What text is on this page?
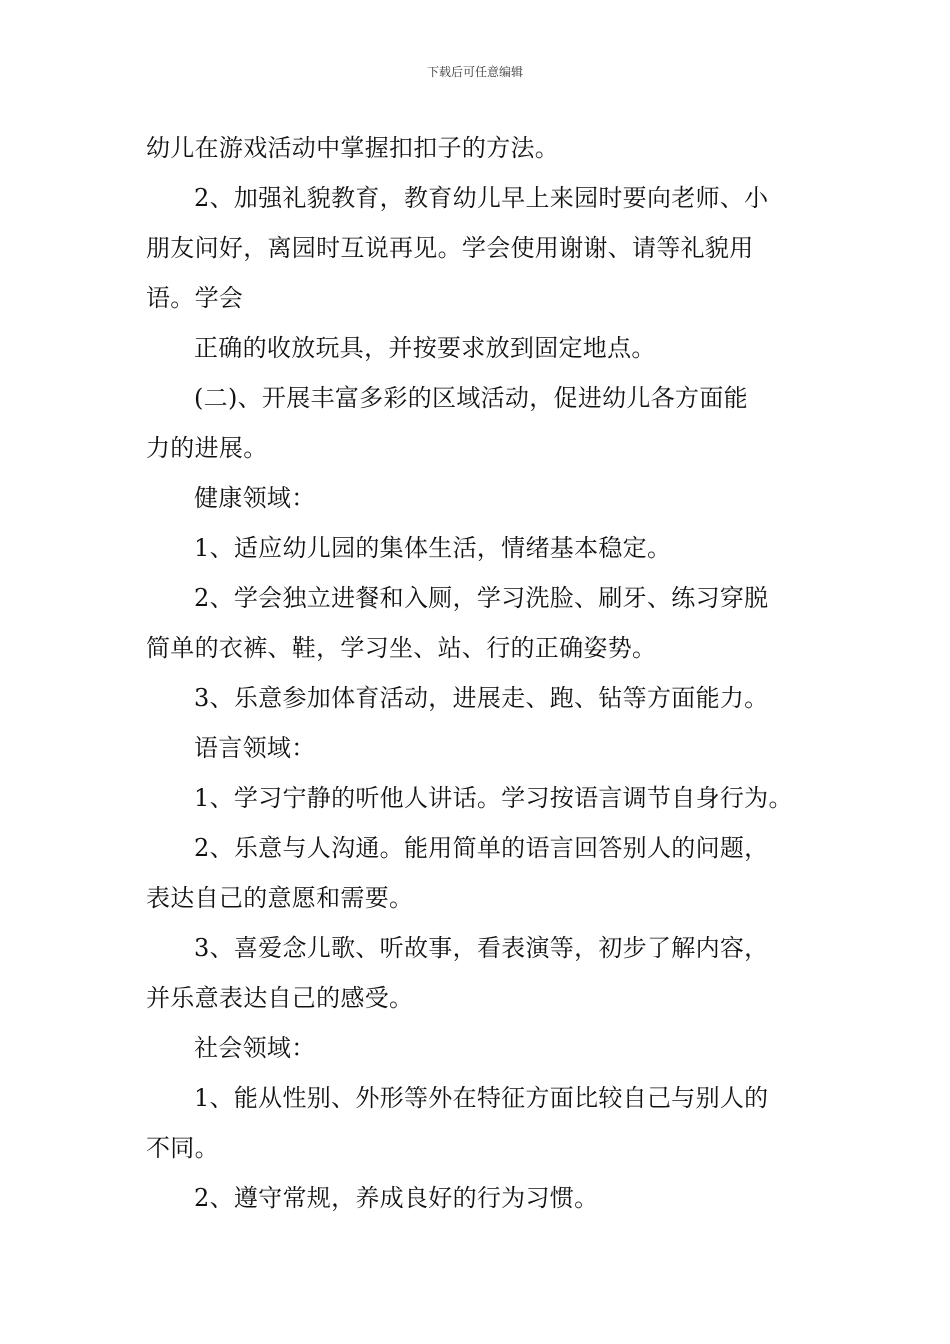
下载后可任意编辑
幼儿在游戏活动中掌握扣扣子的方法。
2、加强礼貌教育，教育幼儿早上来园时要向老师、小
朋友问好，离园时互说再见。学会使用谢谢、请等礼貌用
语。学会
正确的收放玩具，并按要求放到固定地点。
(二)、开展丰富多彩的区域活动，促进幼儿各方面能
力的进展。
健康领域：
1、适应幼儿园的集体生活，情绪基本稳定。
2、学会独立进餐和入厕，学习洗脸、刷牙、练习穿脱
简单的衣裤、鞋，学习坐、站、行的正确姿势。
3、乐意参加体育活动，进展走、跑、钻等方面能力。
语言领域：
1、学习宁静的听他人讲话。学习按语言调节自身行为。
2、乐意与人沟通。能用简单的语言回答别人的问题，
表达自己的意愿和需要。
3、喜爱念儿歌、听故事，看表演等，初步了解内容，
并乐意表达自己的感受。
社会领域：
1、能从性别、外形等外在特征方面比较自己与别人的
不同。
2、遵守常规，养成良好的行为习惯。
